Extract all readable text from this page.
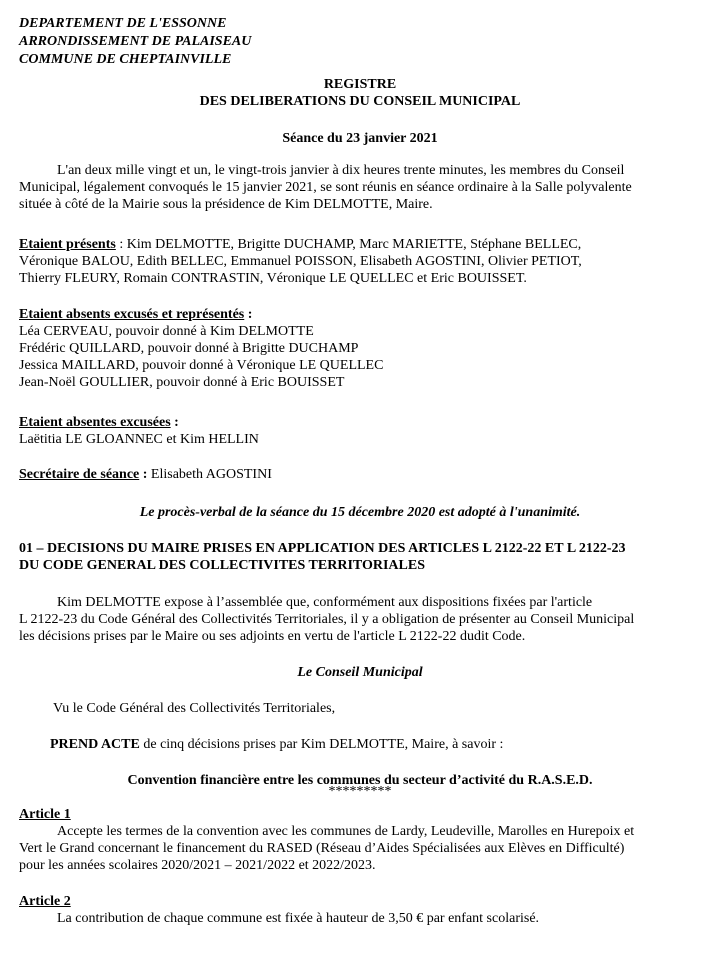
DEPARTEMENT DE L'ESSONNE
ARRONDISSEMENT DE PALAISEAU
COMMUNE DE CHEPTAINVILLE
REGISTRE
DES DELIBERATIONS DU CONSEIL MUNICIPAL
Séance du 23 janvier 2021
L'an deux mille vingt et un, le vingt-trois janvier à dix heures trente minutes, les membres du Conseil
Municipal, légalement convoqués le 15 janvier 2021, se sont réunis en séance ordinaire à la Salle polyvalente
située à côté de la Mairie sous la présidence de Kim DELMOTTE, Maire.
Etaient présents : Kim DELMOTTE, Brigitte DUCHAMP, Marc MARIETTE, Stéphane BELLEC,
Véronique BALOU, Edith BELLEC, Emmanuel POISSON, Elisabeth AGOSTINI, Olivier PETIOT,
Thierry FLEURY, Romain CONTRASTIN, Véronique LE QUELLEC et Eric BOUISSET.
Etaient absents excusés et représentés :
Léa CERVEAU, pouvoir donné à Kim DELMOTTE
Frédéric QUILLARD, pouvoir donné à Brigitte DUCHAMP
Jessica MAILLARD, pouvoir donné à Véronique LE QUELLEC
Jean-Noël GOULLIER, pouvoir donné à Eric BOUISSET
Etaient absentes excusées :
Laëtitia LE GLOANNEC et Kim HELLIN
Secrétaire de séance : Elisabeth AGOSTINI
Le procès-verbal de la séance du 15 décembre 2020 est adopté à l'unanimité.
01 – DECISIONS DU MAIRE PRISES EN APPLICATION DES ARTICLES L 2122-22 ET L 2122-23
DU CODE GENERAL DES COLLECTIVITES TERRITORIALES
Kim DELMOTTE expose à l’assemblée que, conformément aux dispositions fixées par l'article
L 2122-23 du Code Général des Collectivités Territoriales, il y a obligation de présenter au Conseil Municipal
les décisions prises par le Maire ou ses adjoints en vertu de l'article L 2122-22 dudit Code.
Le Conseil Municipal
Vu le Code Général des Collectivités Territoriales,
PREND ACTE de cinq décisions prises par Kim DELMOTTE, Maire, à savoir :
Convention financière entre les communes du secteur d’activité du R.A.S.E.D.
*********
Article 1
Accepte les termes de la convention avec les communes de Lardy, Leudeville, Marolles en Hurepoix et
Vert le Grand concernant le financement du RASED (Réseau d’Aides Spécialisées aux Elèves en Difficulté)
pour les années scolaires 2020/2021 – 2021/2022 et 2022/2023.
Article 2
La contribution de chaque commune est fixée à hauteur de 3,50 € par enfant scolarisé.
